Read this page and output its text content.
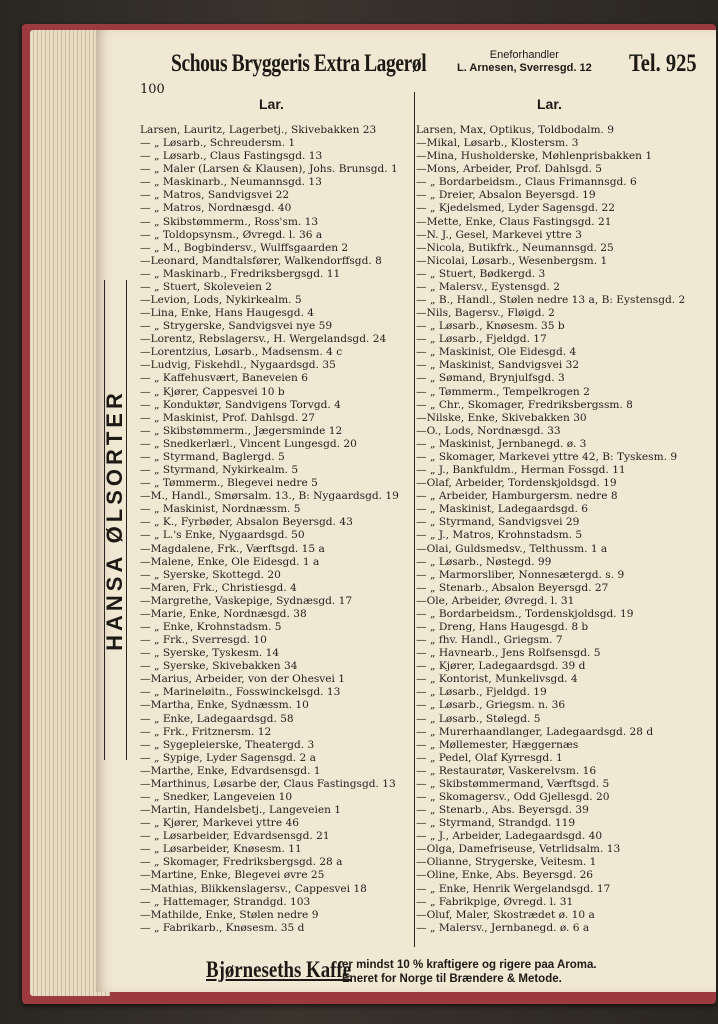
Schous Bryggeris Extra Lagerøl	Eneforhandler
L. Arnesen, Sverresgd. 12 Tel. 925
100
Lar.	Lar.
HANSA ØLSORTER
Larsen, Lauritz, Lagerbetj., Skivebakken 23
— „ Løsarb., Schreudersm. 1
— „ Løsarb., Claus Fastingsgd. 13
— „ Maler (Larsen & Klausen), Johs. Brunsgd. 1
— „ Maskinarb., Neumannsgd. 13
— „ Matros, Sandvigsvei 22
— „ Matros, Nordnæsgd. 40
— „ Skibstømmerm., Ross'sm. 13
— „ Toldopsynsm., Øvregd. l. 36 a
— „ M., Bogbindersv., Wulffsgaarden 2
—Leonard, Mandtalsfører, Walkendorffsgd. 8
— „ Maskinarb., Fredriksbergsgd. 11
— „ Stuert, Skoleveien 2
—Levion, Lods, Nykirkealm. 5
—Lina, Enke, Hans Haugesgd. 4
— „ Strygerske, Sandvigsvei nye 59
—Lorentz, Rebslagersv., H. Wergelandsgd. 24
—Lorentzius, Løsarb., Madsensm. 4 c
—Ludvig, Fiskehdl., Nygaardsgd. 35
— „ Kaffehusvært, Baneveien 6
— „ Kjører, Cappesvei 10 b
— „ Konduktør, Sandvigens Torvgd. 4
— „ Maskinist, Prof. Dahlsgd. 27
— „ Skibstømmerm., Jægersminde 12
— „ Snedkerlærl., Vincent Lungesgd. 20
— „ Styrmand, Baglergd. 5
— „ Styrmand, Nykirkealm. 5
— „ Tømmerm., Blegevei nedre 5
—M., Handl., Smørsalm. 13., B: Nygaardsgd. 19
— „ Maskinist, Nordnæssm. 5
— „ K., Fyrbøder, Absalon Beyersgd. 43
— „ L.'s Enke, Nygaardsgd. 50
—Magdalene, Frk., Værftsgd. 15 a
—Malene, Enke, Ole Eidesgd. 1 a
— „ Syerske, Skottegd. 20
—Maren, Frk., Christiesgd. 4
—Margrethe, Vaskepige, Sydnæsgd. 17
—Marie, Enke, Nordnæsgd. 38
— „ Enke, Krohnstadsm. 5
— „ Frk., Sverresgd. 10
— „ Syerske, Tyskesm. 14
— „ Syerske, Skivebakken 34
—Marius, Arbeider, von der Ohesvei 1
— „ Marineløitn., Fosswinckelsgd. 13
—Martha, Enke, Sydnæssm. 10
— „ Enke, Ladegaardsgd. 58
— „ Frk., Fritznersm. 12
— „ Sygepleierske, Theatergd. 3
— „ Sypige, Lyder Sagensgd. 2 a
—Marthe, Enke, Edvardsensgd. 1
—Marthinus, Løsarbe der, Claus Fastingsgd. 13
— „ Snedker, Langeveien 10
—Martin, Handelsbetj., Langeveien 1
— „ Kjører, Markevei yttre 46
— „ Løsarbeider, Edvardsensgd. 21
— „ Løsarbeider, Knøsesm. 11
— „ Skomager, Fredriksbergsgd. 28 a
—Martine, Enke, Blegevei øvre 25
—Mathias, Blikkenslagersv., Cappesvei 18
— „ Hattemager, Strandgd. 103
—Mathilde, Enke, Stølen nedre 9
— „ Fabrikarb., Knøsesm. 35 d
Larsen, Max, Optikus, Toldbodalm. 9
—Mikal, Løsarb., Klostersm. 3
—Mina, Husholderske, Møhlenprisbakken 1
—Mons, Arbeider, Prof. Dahlsgd. 5
— „ Bordarbeidsm., Claus Frimannsgd. 6
— „ Dreier, Absalon Beyersgd. 19
— „ Kjedelsmed, Lyder Sagensgd. 22
—Mette, Enke, Claus Fastingsgd. 21
—N. J., Gesel, Markevei yttre 3
—Nicola, Butikfrk., Neumannsgd. 25
—Nicolai, Løsarb., Wesenbergsm. 1
— „ Stuert, Bødkergd. 3
— „ Malersv., Eystensgd. 2
— „ B., Handl., Stølen nedre 13 a, B: Eystensgd. 2
—Nils, Bagersv., Fløigd. 2
— „ Løsarb., Knøsesm. 35 b
— „ Løsarb., Fjeldgd. 17
— „ Maskinist, Ole Eidesgd. 4
— „ Maskinist, Sandvigsvei 32
— „ Sømand, Brynjulfsgd. 3
— „ Tømmerm., Tempelkrogen 2
— „ Chr., Skomager, Fredriksbergssm. 8
—Nilske, Enke, Skivebakken 30
—O., Lods, Nordnæsgd. 33
— „ Maskinist, Jernbanegd. ø. 3
— „ Skomager, Markevei yttre 42, B: Tyskesm. 9
— „ J., Bankfuldm., Herman Fossgd. 11
—Olaf, Arbeider, Tordenskjoldsgd. 19
— „ Arbeider, Hamburgersm. nedre 8
— „ Maskinist, Ladegaardsgd. 6
— „ Styrmand, Sandvigsvei 29
— „ J., Matros, Krohnstadsm. 5
—Olai, Guldsmedsv., Telthussm. 1 a
— „ Løsarb., Nøstegd. 99
— „ Marmorsliber, Nonnesætergd. s. 9
— „ Stenarb., Absalon Beyersgd. 27
—Ole, Arbeider, Øvregd. l. 31
— „ Bordarbeidsm., Tordenskjoldsgd. 19
— „ Dreng, Hans Haugesgd. 8 b
— „ fhv. Handl., Griegsm. 7
— „ Havnearb., Jens Rolfsensgd. 5
— „ Kjører, Ladegaardsgd. 39 d
— „ Kontorist, Munkelivsgd. 4
— „ Løsarb., Fjeldgd. 19
— „ Løsarb., Griegsm. n. 36
— „ Løsarb., Stølegd. 5
— „ Murerhaandlanger, Ladegaardsgd. 28 d
— „ Møllemester, Hæggernæs
— „ Pedel, Olaf Kyrresgd. 1
— „ Restauratør, Vaskerelvsm. 16
— „ Skibstømmermand, Værftsgd. 5
— „ Skomagersv., Odd Gjellesgd. 20
— „ Stenarb., Abs. Beyersgd. 39
— „ Styrmand, Strandgd. 119
— „ J., Arbeider, Ladegaardsgd. 40
—Olga, Damefriseuse, Vetrlidsalm. 13
—Olianne, Strygerske, Veitesm. 1
—Oline, Enke, Abs. Beyersgd. 26
— „ Enke, Henrik Wergelandsgd. 17
— „ Fabrikpige, Øvregd. l. 31
—Oluf, Maler, Skostrædet ø. 10 a
— „ Malersv., Jernbanegd. ø. 6 a
Bjørneseths Kaffe
er mindst 10 % kraftigere og rigere paa Aroma.
Eneret for Norge til Brændere & Metode.
